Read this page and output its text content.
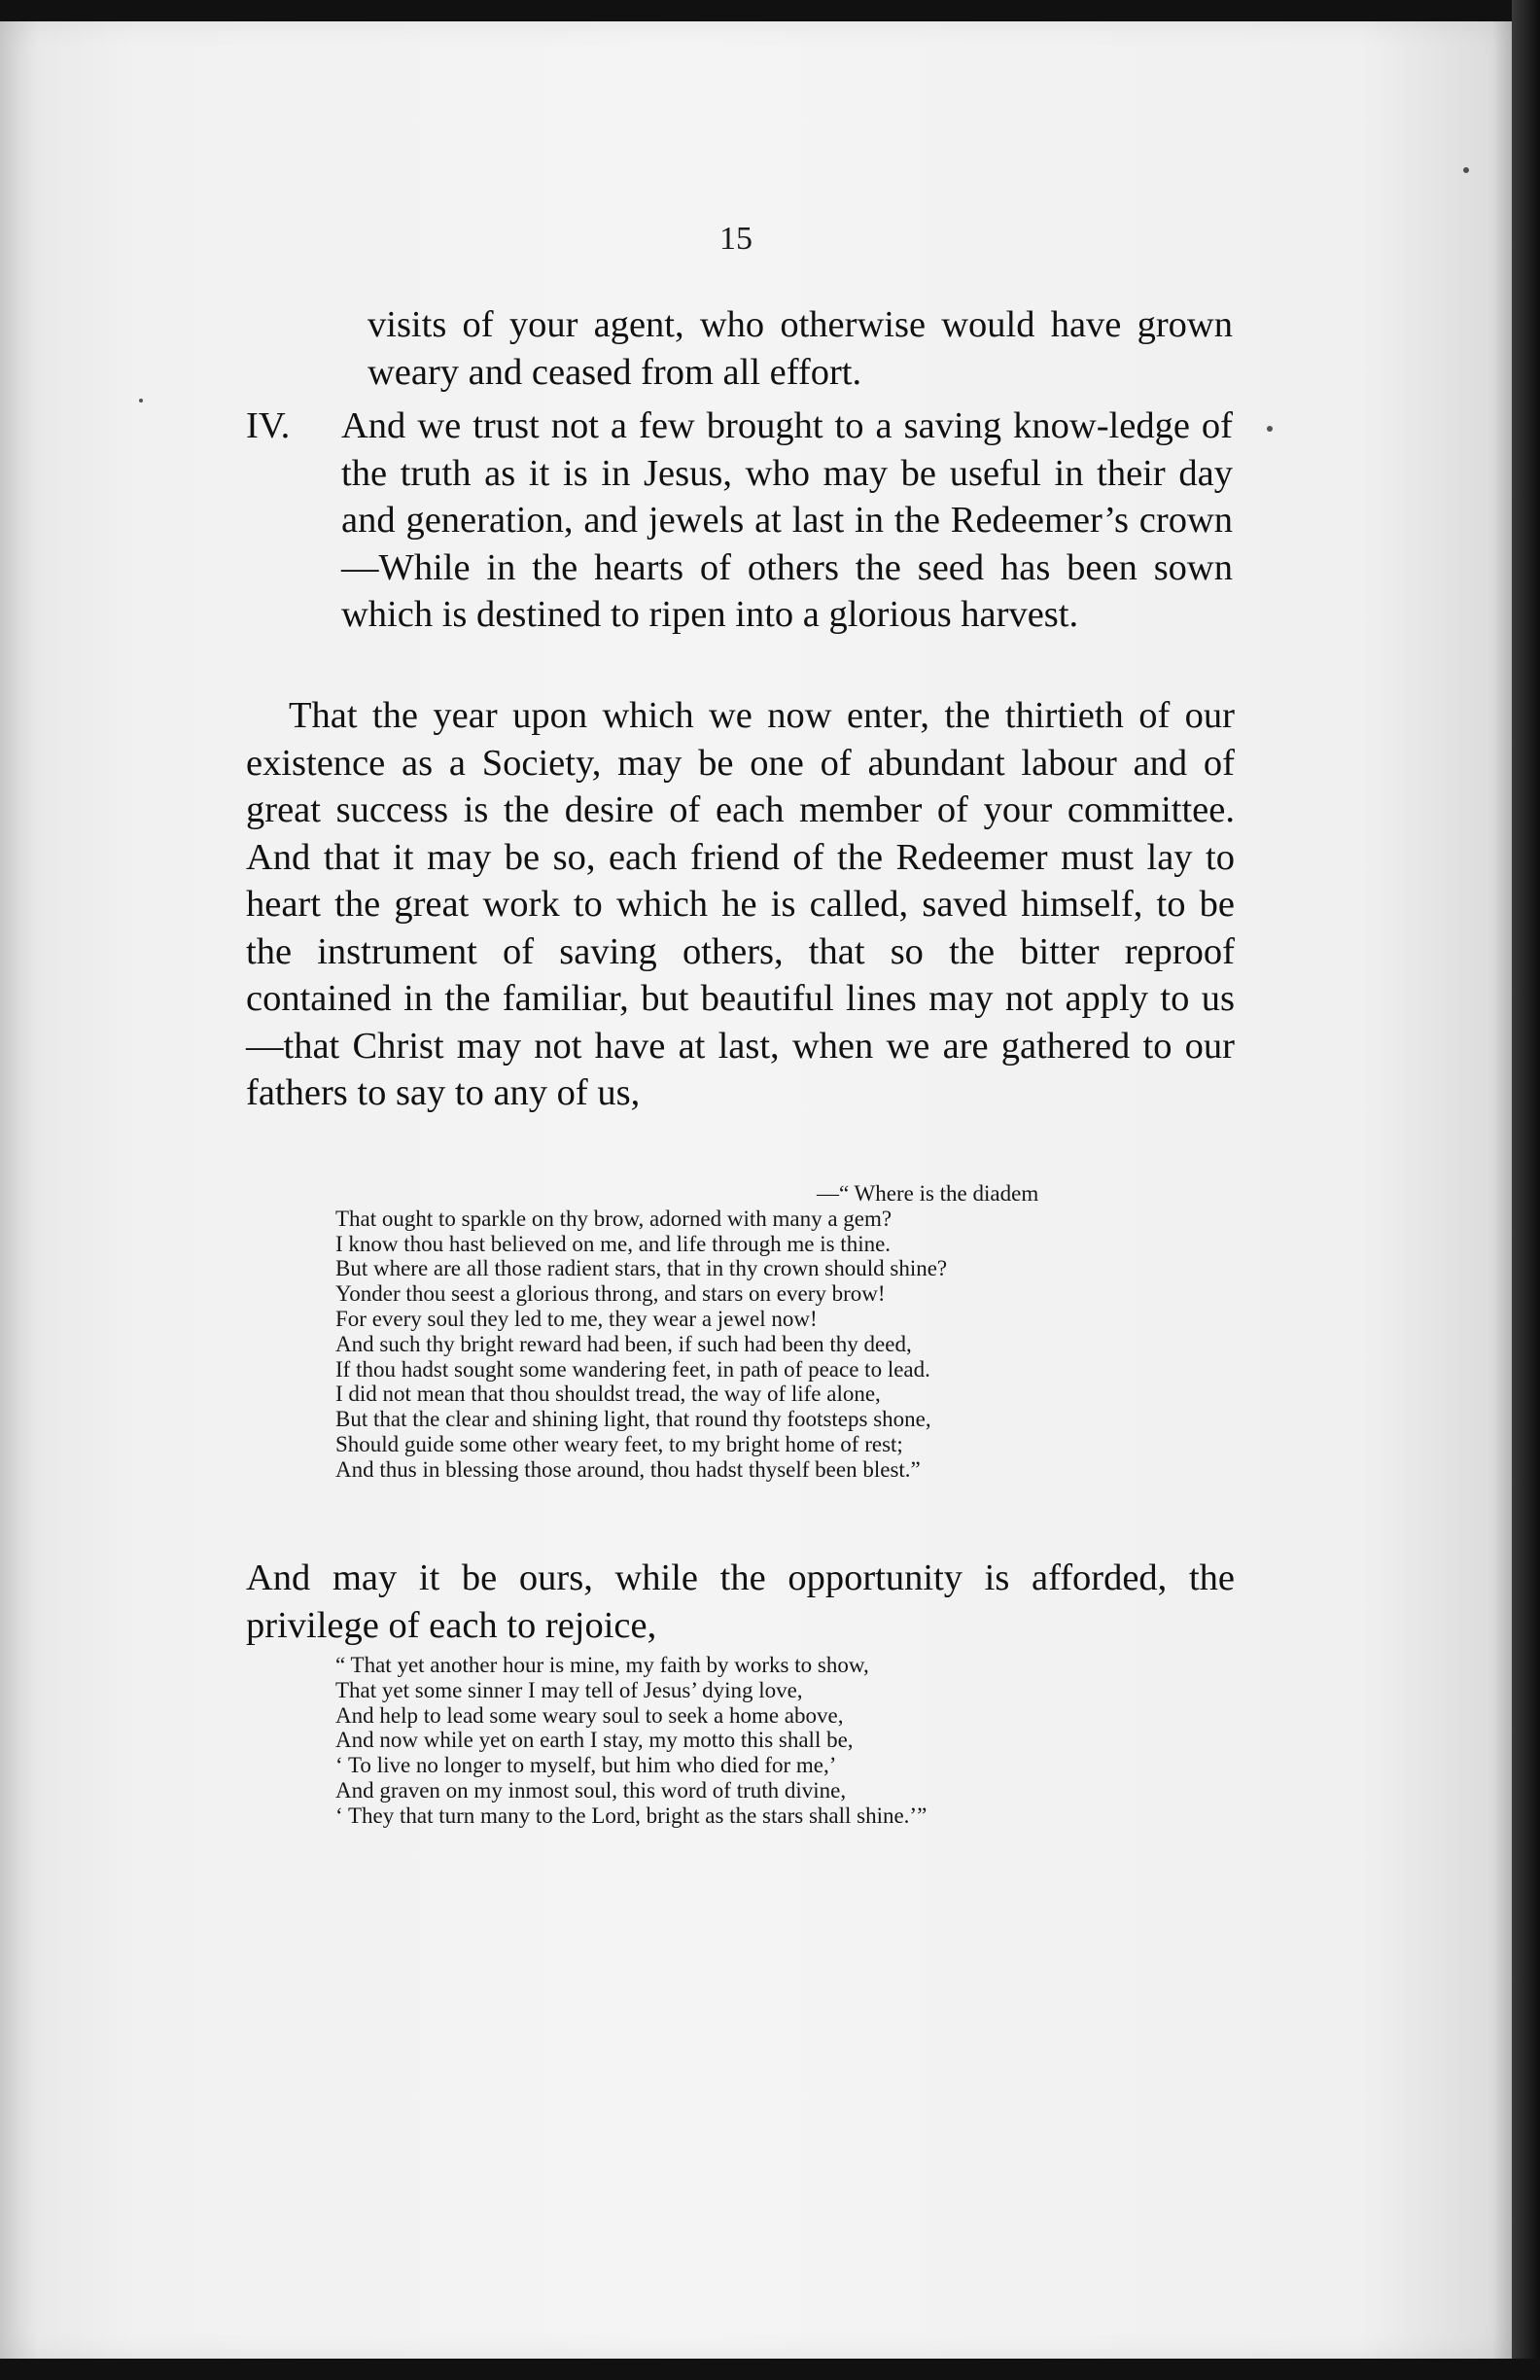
15

visits of your agent, who otherwise would have grown weary and ceased from all effort.

IV.	And we trust not a few brought to a saving know-ledge of the truth as it is in Jesus, who may be useful in their day and generation, and jewels at last in the Redeemer’s crown—While in the hearts of others the seed has been sown which is destined to ripen into a glorious harvest.

That the year upon which we now enter, the thirtieth of our existence as a Society, may be one of abundant labour and of great success is the desire of each member of your committee. And that it may be so, each friend of the Redeemer must lay to heart the great work to which he is called, saved himself, to be the instrument of saving others, that so the bitter reproof contained in the familiar, but beautiful lines may not apply to us—that Christ may not have at last, when we are gathered to our fathers to say to any of us,

—“ Where is the diadem
That ought to sparkle on thy brow, adorned with many a gem?
I know thou hast believed on me, and life through me is thine.
But where are all those radient stars, that in thy crown should shine?
Yonder thou seest a glorious throng, and stars on every brow!
For every soul they led to me, they wear a jewel now!
And such thy bright reward had been, if such had been thy deed,
If thou hadst sought some wandering feet, in path of peace to lead.
I did not mean that thou shouldst tread, the way of life alone,
But that the clear and shining light, that round thy footsteps shone,
Should guide some other weary feet, to my bright home of rest;
And thus in blessing those around, thou hadst thyself been blest.”

And may it be ours, while the opportunity is afforded, the privilege of each to rejoice,

“ That yet another hour is mine, my faith by works to show,
That yet some sinner I may tell of Jesus’ dying love,
And help to lead some weary soul to seek a home above,
And now while yet on earth I stay, my motto this shall be,
‘ To live no longer to myself, but him who died for me,’
And graven on my inmost soul, this word of truth divine,
‘ They that turn many to the Lord, bright as the stars shall shine.’”
